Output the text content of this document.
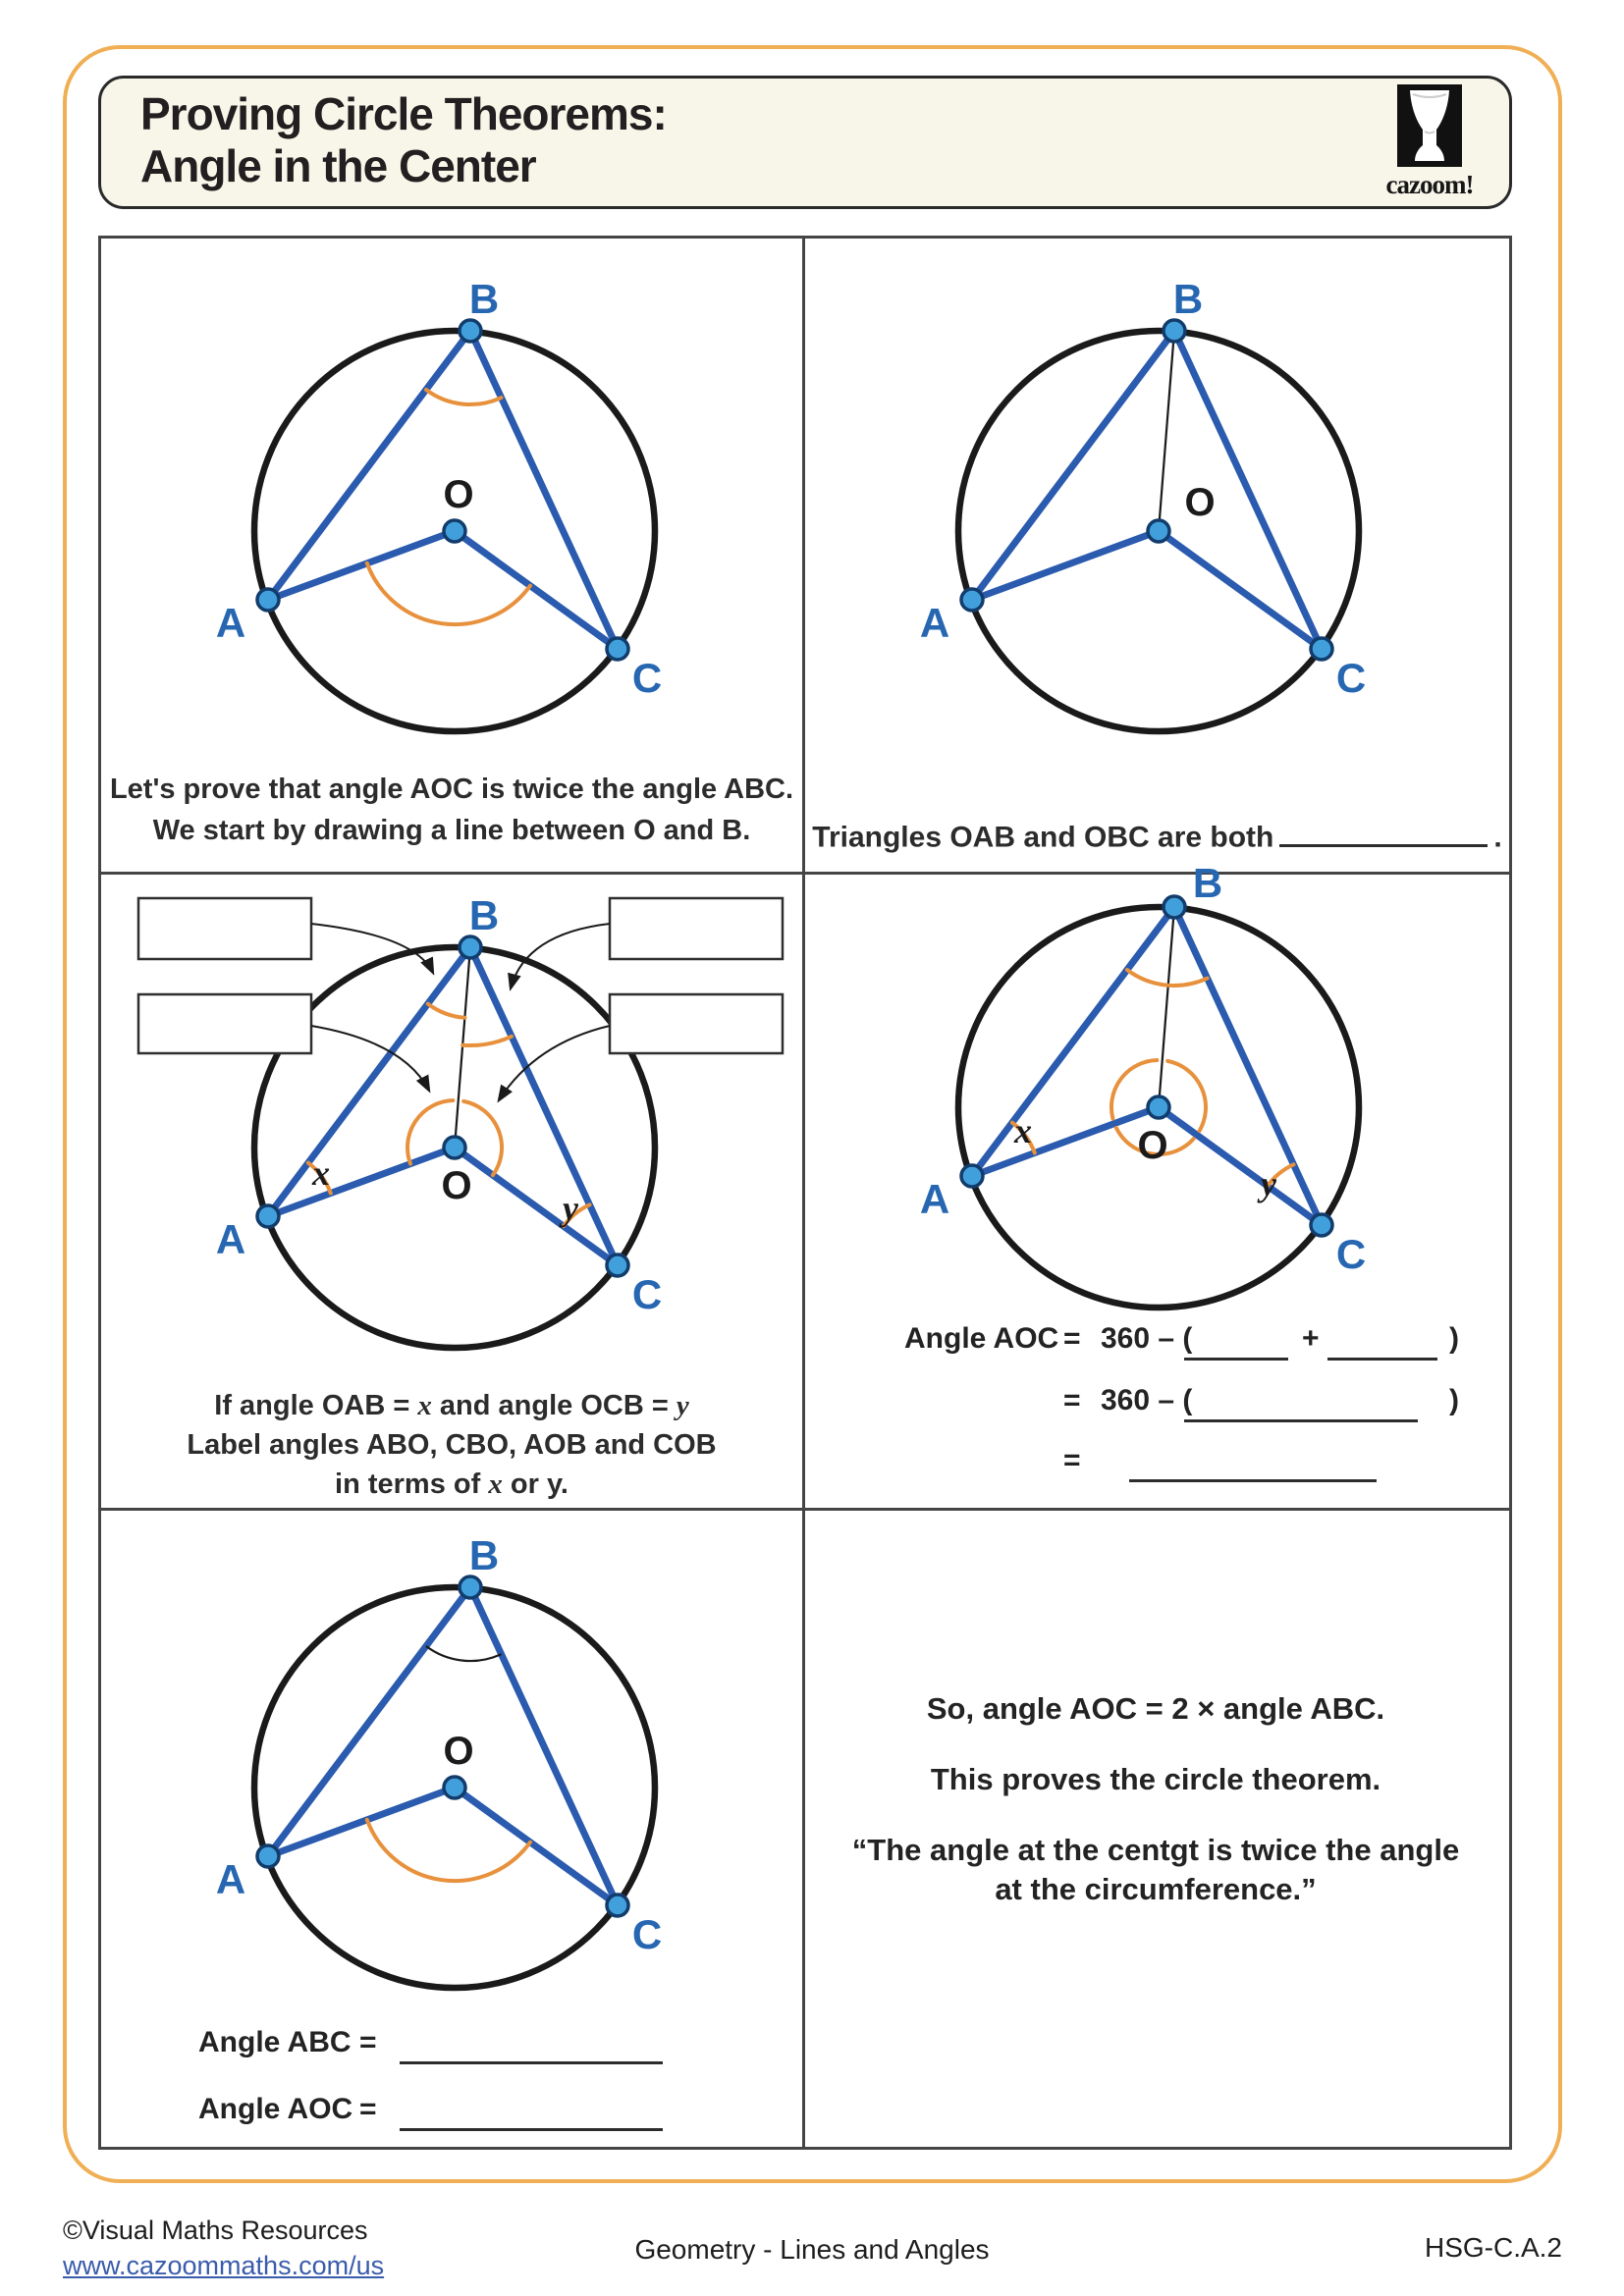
Proving Circle Theorems:
Angle in the Center	cazoom!
B
A
C
O
Let's prove that angle AOC is twice the angle ABC.
We start by drawing a line between O and B.
B
A
C
O
Triangles OAB and OBC are both	.
B
A
C
O
x
y
If angle OAB = x and angle OCB = y
Label angles ABO, CBO, AOB and COB
in terms of x or y.
B
A
C
O
x
y
Angle AOC = 360 – (	+	)
= 360 – (	)
=
B
A
C
O
Angle ABC =
Angle AOC =

So, angle AOC = 2 × angle ABC.

This proves the circle theorem.

“The angle at the centgt is twice the angle at the circumference.”

©Visual Maths Resources
www.cazoommaths.com/us
Geometry - Lines and Angles	HSG-C.A.2
